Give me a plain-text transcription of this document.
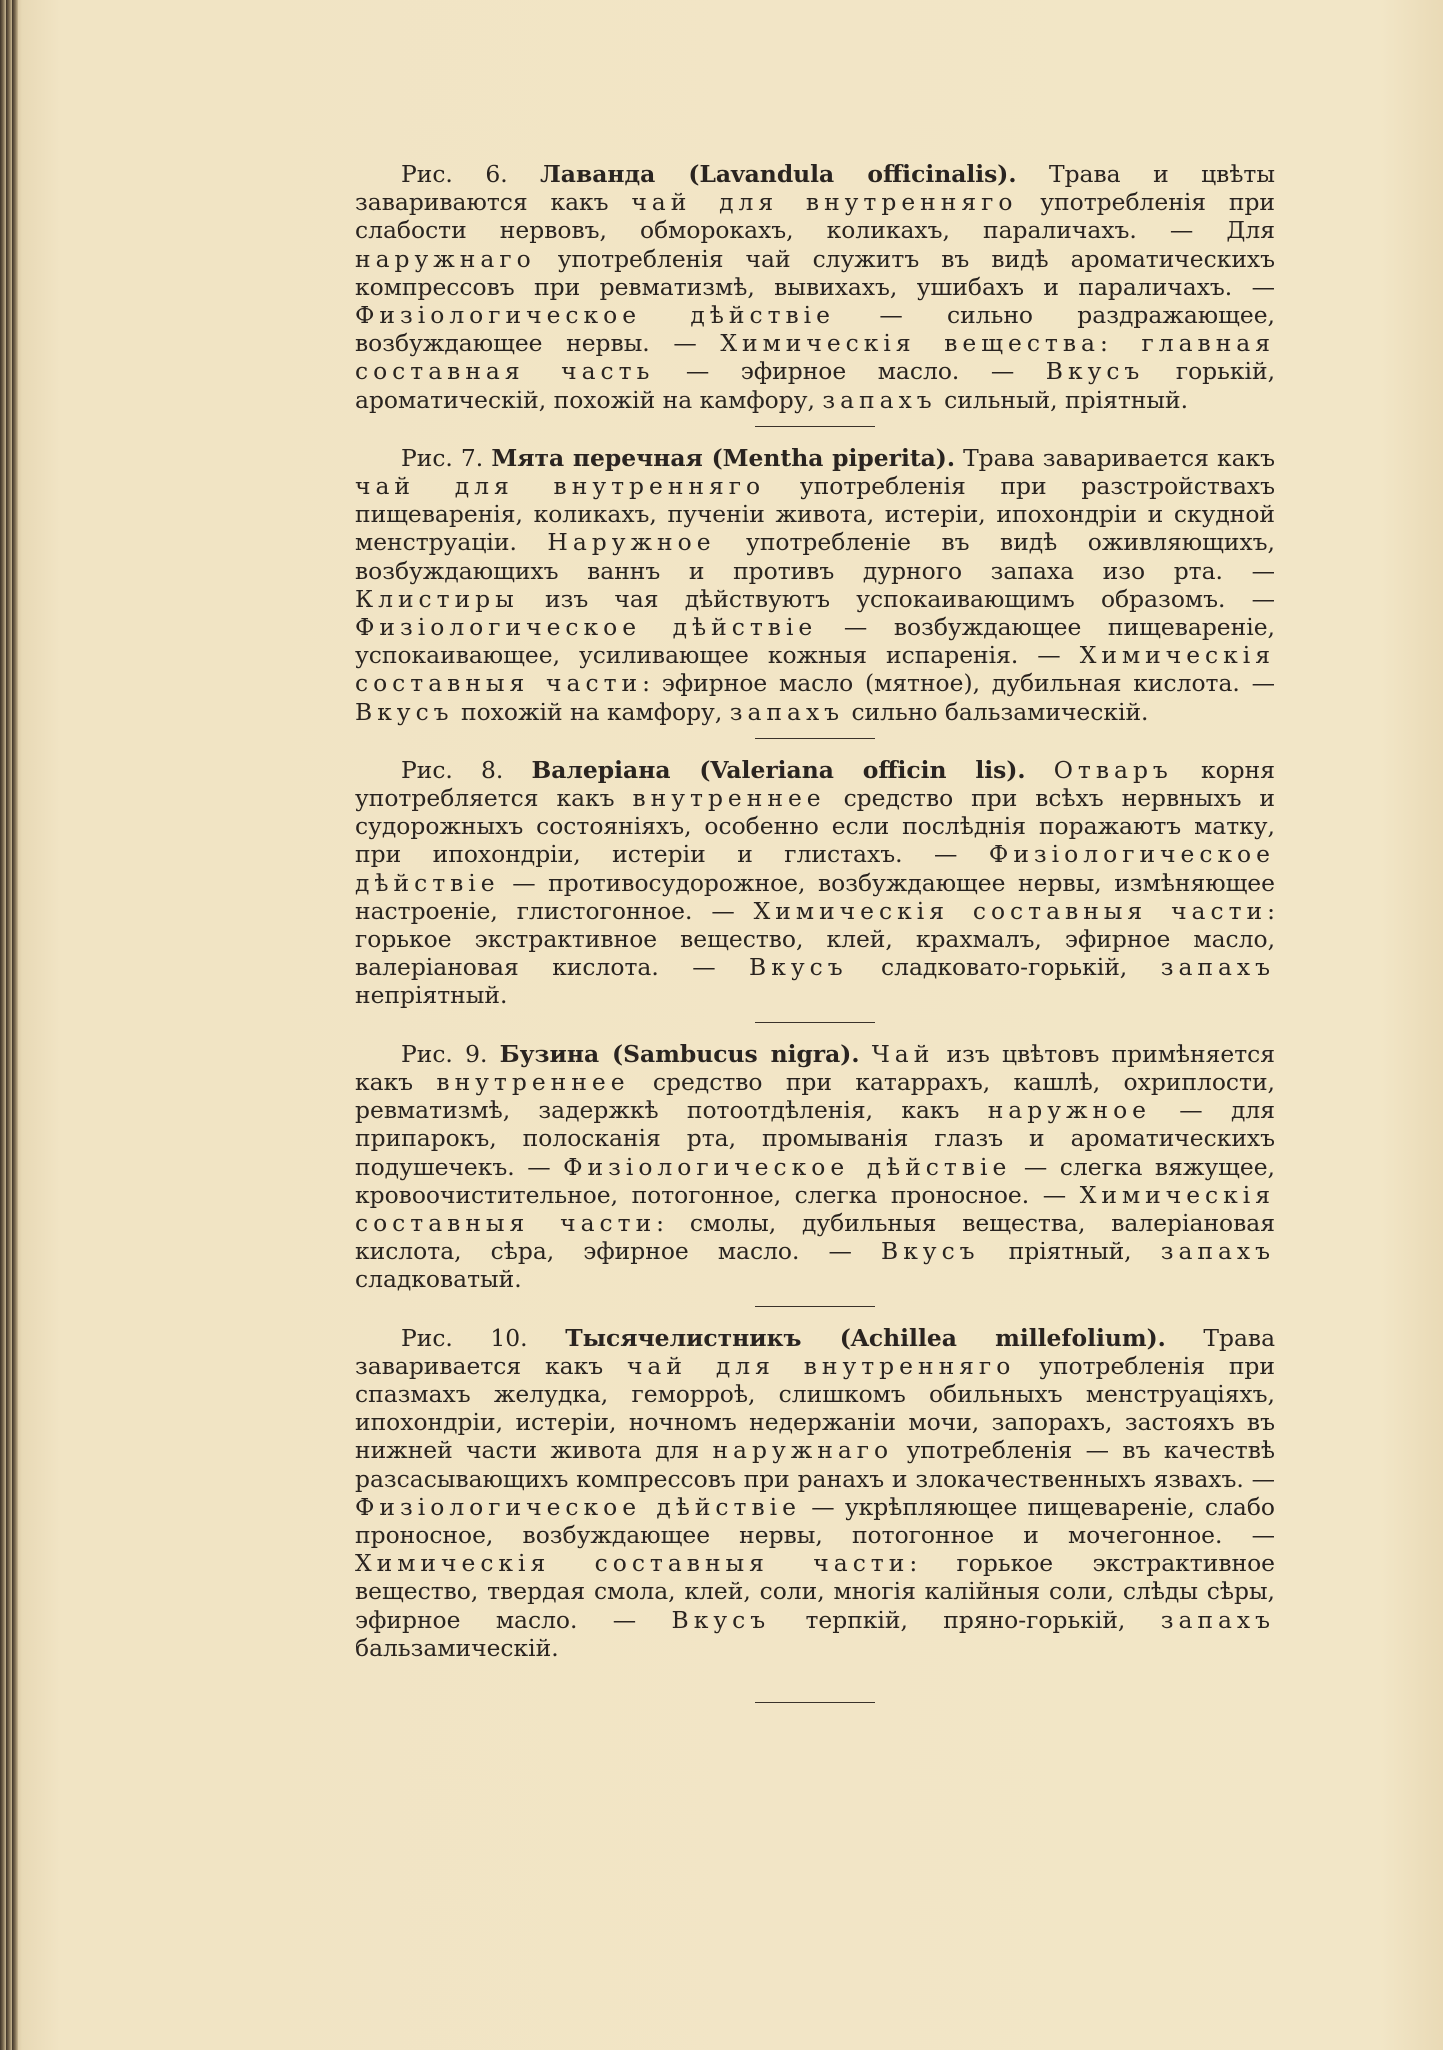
Рис. 6. Лаванда (Lavandula officinalis). Трава и цвѣты завариваются какъ чай для внутренняго употребленія при слабости нервовъ, обморокахъ, коликахъ, параличахъ. — Для наружнаго употребленія чай служитъ въ видѣ ароматическихъ компрессовъ при ревматизмѣ, вывихахъ, ушибахъ и параличахъ. — Физіологическое дѣйствіе — сильно раздражающее, возбуждающее нервы. — Химическія вещества: главная составная часть — эфирное масло. — Вкусъ горькій, ароматическій, похожій на камфору, запахъ сильный, пріятный.

Рис. 7. Мята перечная (Mentha piperita). Трава заваривается какъ чай для внутренняго употребленія при разстройствахъ пищеваренія, коликахъ, пученіи живота, истеріи, ипохондріи и скудной менструаціи. Наружное употребленіе въ видѣ оживляющихъ, возбуждающихъ ваннъ и противъ дурного запаха изо рта. — Клистиры изъ чая дѣйствуютъ успокаивающимъ образомъ. — Физіологическое дѣйствіе — возбуждающее пищевареніе, успокаивающее, усиливающее кожныя испаренія. — Химическія составныя части: эфирное масло (мятное), дубильная кислота. — Вкусъ похожій на камфору, запахъ сильно бальзамическій.

Рис. 8. Валеріана (Valeriana officin lis). Отваръ корня употребляется какъ внутреннее средство при всѣхъ нервныхъ и судорожныхъ состояніяхъ, особенно если послѣднія поражаютъ матку, при ипохондріи, истеріи и глистахъ. — Физіологическое дѣйствіе — противосудорожное, возбуждающее нервы, измѣняющее настроеніе, глистогонное. — Химическія составныя части: горькое экстрактивное вещество, клей, крахмалъ, эфирное масло, валеріановая кислота. — Вкусъ сладковато-горькій, запахъ непріятный.

Рис. 9. Бузина (Sambucus nigra). Чай изъ цвѣтовъ примѣняется какъ внутреннее средство при катаррахъ, кашлѣ, охриплости, ревматизмѣ, задержкѣ потоотдѣленія, какъ наружное — для припарокъ, полосканія рта, промыванія глазъ и ароматическихъ подушечекъ. — Физіологическое дѣйствіе — слегка вяжущее, кровоочистительное, потогонное, слегка проносное. — Химическія составныя части: смолы, дубильныя вещества, валеріановая кислота, сѣра, эфирное масло. — Вкусъ пріятный, запахъ сладковатый.

Рис. 10. Тысячелистникъ (Achillea millefolium). Трава заваривается какъ чай для внутренняго употребленія при спазмахъ желудка, геморроѣ, слишкомъ обильныхъ менструаціяхъ, ипохондріи, истеріи, ночномъ недержаніи мочи, запорахъ, застояхъ въ нижней части живота для наружнаго употребленія — въ качествѣ разсасывающихъ компрессовъ при ранахъ и злокачественныхъ язвахъ. — Физіологическое дѣйствіе — укрѣпляющее пищевареніе, слабо проносное, возбуждающее нервы, потогонное и мочегонное. — Химическія составныя части: горькое экстрактивное вещество, твердая смола, клей, соли, многія калійныя соли, слѣды сѣры, эфирное масло. — Вкусъ терпкій, пряно-горькій, запахъ бальзамическій.
